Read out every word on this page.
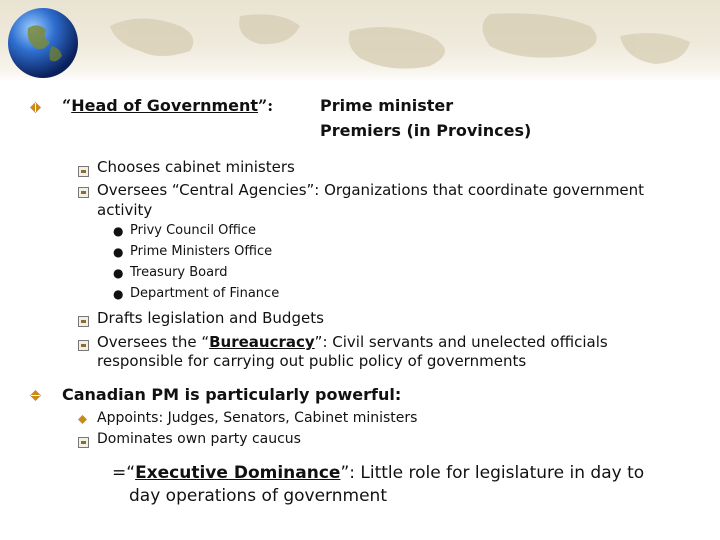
“Head of Government”:	Prime minister
Premiers (in Provinces)
Chooses cabinet ministers
Oversees “Central Agencies”: Organizations that coordinate government
activity
● Privy Council Office
● Prime Ministers Office
● Treasury Board
● Department of Finance
Drafts legislation and Budgets
Oversees the “Bureaucracy”: Civil servants and unelected officials
responsible for carrying out public policy of governments
Canadian PM is particularly powerful:
Appoints: Judges, Senators, Cabinet ministers
Dominates own party caucus
=“Executive Dominance”: Little role for legislature in day to
day operations of government
